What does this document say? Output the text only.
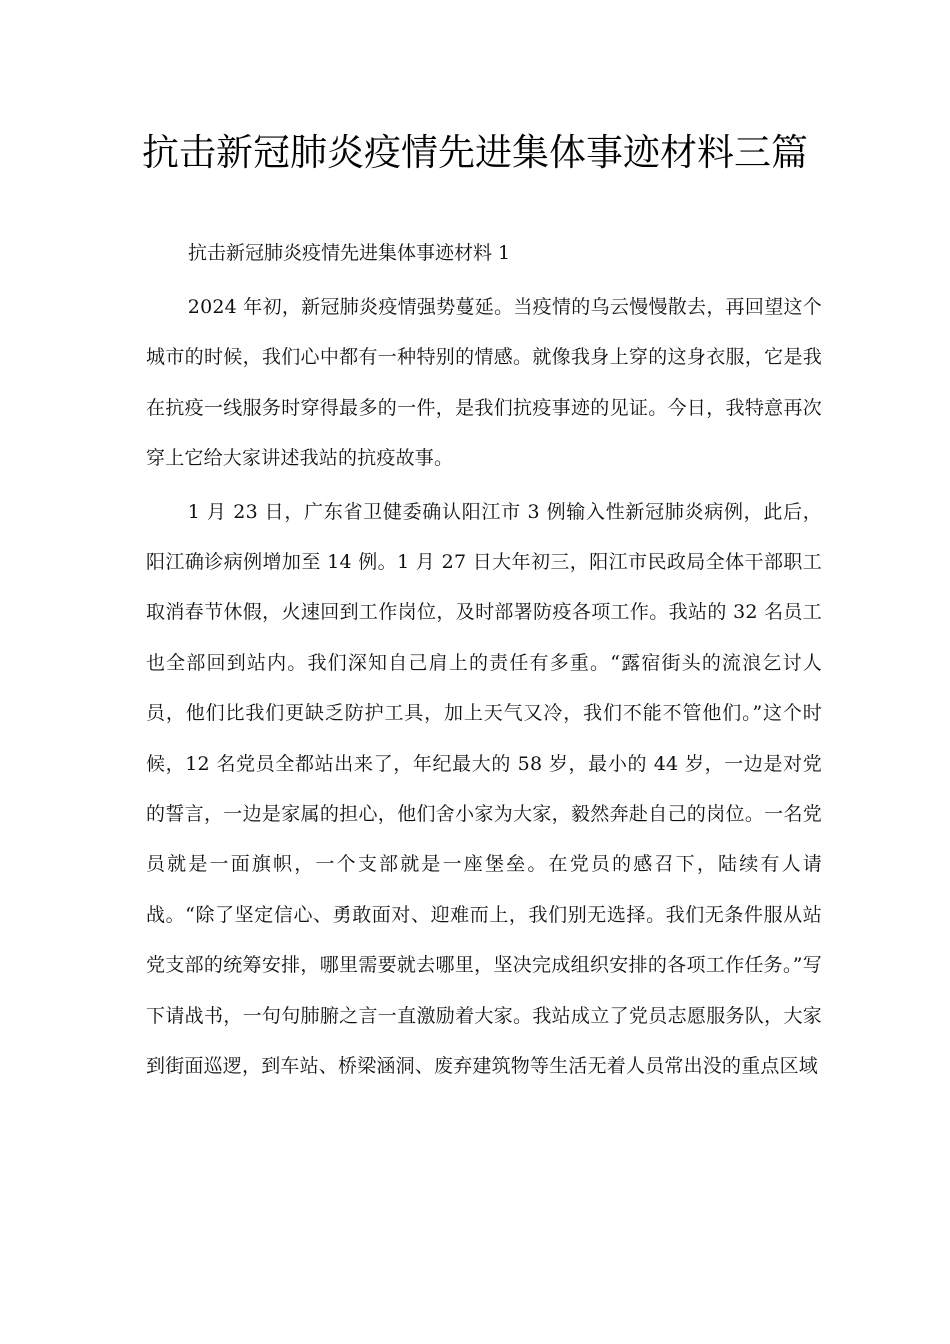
抗击新冠肺炎疫情先进集体事迹材料三篇

抗击新冠肺炎疫情先进集体事迹材料 1

2024 年初，新冠肺炎疫情强势蔓延。当疫情的乌云慢慢散去，再回望这个城市的时候，我们心中都有一种特别的情感。就像我身上穿的这身衣服，它是我在抗疫一线服务时穿得最多的一件，是我们抗疫事迹的见证。今日，我特意再次穿上它给大家讲述我站的抗疫故事。

1 月 23 日，广东省卫健委确认阳江市 3 例输入性新冠肺炎病例，此后，阳江确诊病例增加至 14 例。1 月 27 日大年初三，阳江市民政局全体干部职工取消春节休假，火速回到工作岗位，及时部署防疫各项工作。我站的 32 名员工也全部回到站内。我们深知自己肩上的责任有多重。“露宿街头的流浪乞讨人员，他们比我们更缺乏防护工具，加上天气又冷，我们不能不管他们。”这个时候，12 名党员全都站出来了，年纪最大的 58 岁，最小的 44 岁，一边是对党的誓言，一边是家属的担心，他们舍小家为大家，毅然奔赴自己的岗位。一名党员就是一面旗帜，一个支部就是一座堡垒。在党员的感召下，陆续有人请战。“除了坚定信心、勇敢面对、迎难而上，我们别无选择。我们无条件服从站党支部的统筹安排，哪里需要就去哪里，坚决完成组织安排的各项工作任务。”写下请战书，一句句肺腑之言一直激励着大家。我站成立了党员志愿服务队，大家到街面巡逻，到车站、桥梁涵洞、废弃建筑物等生活无着人员常出没的重点区域
